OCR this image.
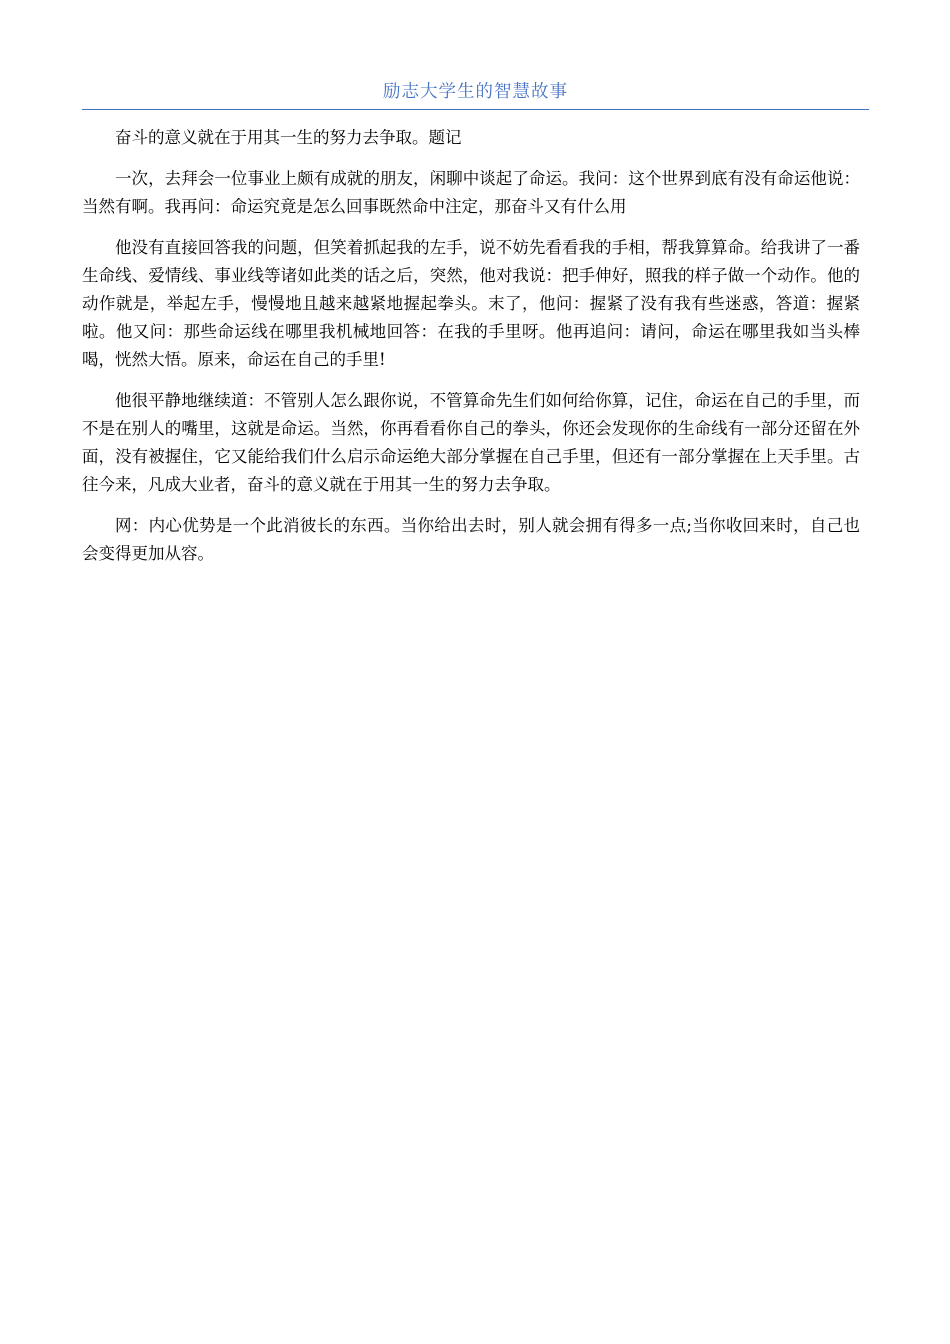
励志大学生的智慧故事

奋斗的意义就在于用其一生的努力去争取。题记

一次，去拜会一位事业上颇有成就的朋友，闲聊中谈起了命运。我问：这个世界到底有没有命运他说：当然有啊。我再问：命运究竟是怎么回事既然命中注定，那奋斗又有什么用

他没有直接回答我的问题，但笑着抓起我的左手，说不妨先看看我的手相，帮我算算命。给我讲了一番生命线、爱情线、事业线等诸如此类的话之后，突然，他对我说：把手伸好，照我的样子做一个动作。他的动作就是，举起左手，慢慢地且越来越紧地握起拳头。末了，他问：握紧了没有我有些迷惑，答道：握紧啦。他又问：那些命运线在哪里我机械地回答：在我的手里呀。他再追问：请问，命运在哪里我如当头棒喝，恍然大悟。原来，命运在自己的手里!

他很平静地继续道：不管别人怎么跟你说，不管算命先生们如何给你算，记住，命运在自己的手里，而不是在别人的嘴里，这就是命运。当然，你再看看你自己的拳头，你还会发现你的生命线有一部分还留在外面，没有被握住，它又能给我们什么启示命运绝大部分掌握在自己手里，但还有一部分掌握在上天手里。古往今来，凡成大业者，奋斗的意义就在于用其一生的努力去争取。

网：内心优势是一个此消彼长的东西。当你给出去时，别人就会拥有得多一点;当你收回来时，自己也会变得更加从容。
